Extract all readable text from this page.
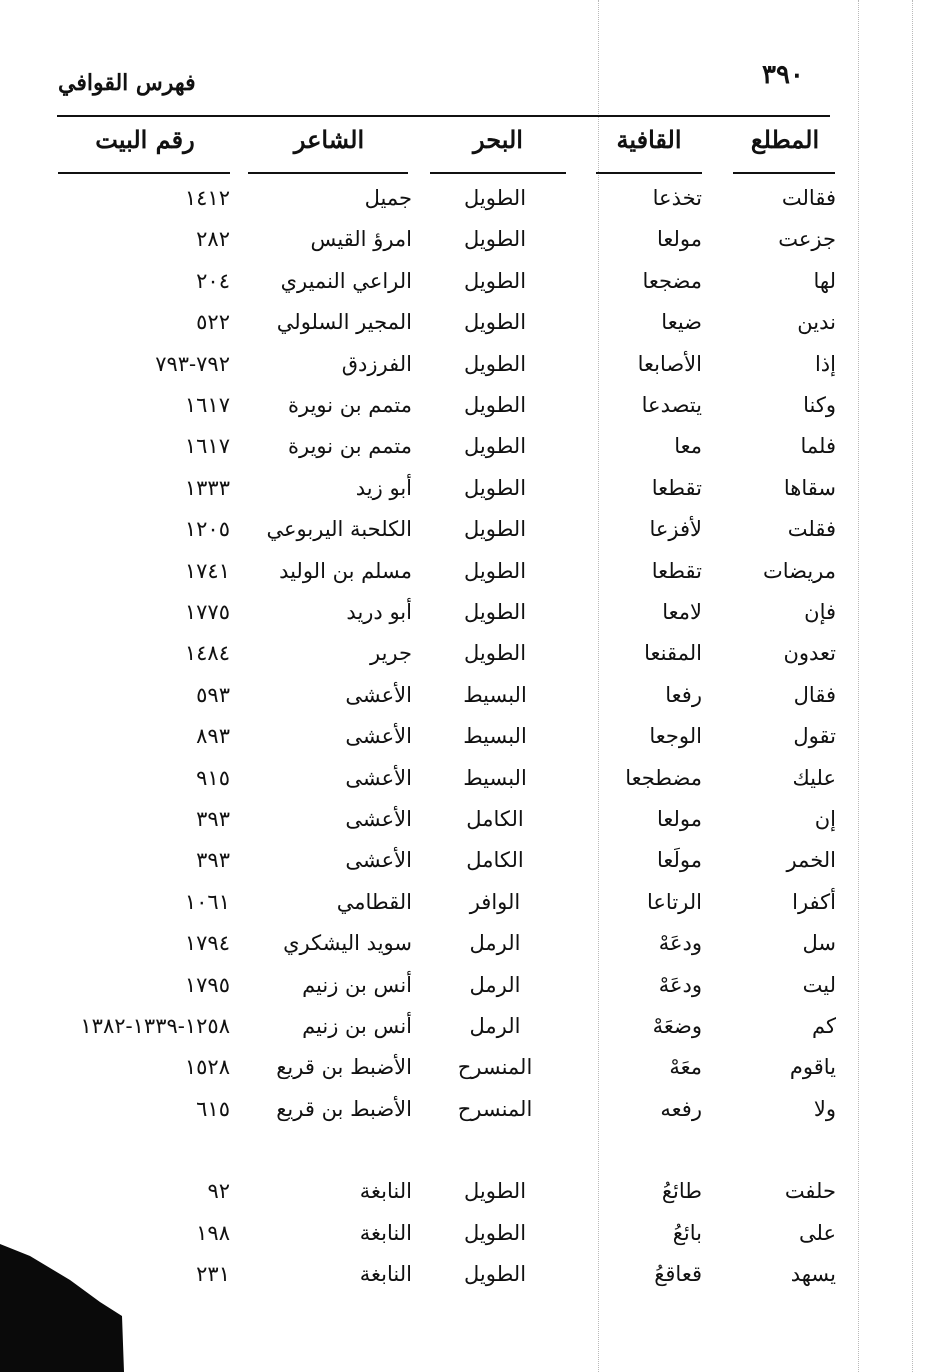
فهرس القوافي	٣٩٠
المطلع
القافية
البحر
الشاعر
رقم البيت
فقالت
تخذعا
الطويل
جميل
١٤١٢
جزعت
مولعا
الطويل
امرؤ القيس
٢٨٢
لها
مضجعا
الطويل
الراعي النميري
٢٠٤
ندين
ضيعا
الطويل
المجير السلولي
٥٢٢
إذا
الأصابعا
الطويل
الفرزدق
٧٩٢-٧٩٣
وكنا
يتصدعا
الطويل
متمم بن نويرة
١٦١٧
فلما
معا
الطويل
متمم بن نويرة
١٦١٧
سقاها
تقطعا
الطويل
أبو زيد
١٣٣٣
فقلت
لأفزعا
الطويل
الكلحبة اليربوعي
١٢٠٥
مريضات
تقطعا
الطويل
مسلم بن الوليد
١٧٤١
فإن
لامعا
الطويل
أبو دريد
١٧٧٥
تعدون
المقنعا
الطويل
جرير
١٤٨٤
فقال
رفعا
البسيط
الأعشى
٥٩٣
تقول
الوجعا
البسيط
الأعشى
٨٩٣
عليك
مضطجعا
البسيط
الأعشى
٩١٥
إن
مولعا
الكامل
الأعشى
٣٩٣
الخمر
مولَعا
الكامل
الأعشى
٣٩٣
أكفرا
الرتاعا
الوافر
القطامي
١٠٦١
سل
ودعَهْ
الرمل
سويد اليشكري
١٧٩٤
ليت
ودعَهْ
الرمل
أنس بن زنيم
١٧٩٥
كم
وضعَهْ
الرمل
أنس بن زنيم
١٢٥٨-١٣٣٩-١٣٨٢
ياقوم
معَهْ
المنسرح
الأضبط بن قريع
١٥٢٨
ولا
رفعه
المنسرح
الأضبط بن قريع
٦١٥
حلفت
طائعُ
الطويل
النابغة
٩٢
على
بائعُ
الطويل
النابغة
١٩٨
يسهد
قعاقعُ
الطويل
النابغة
٢٣١
